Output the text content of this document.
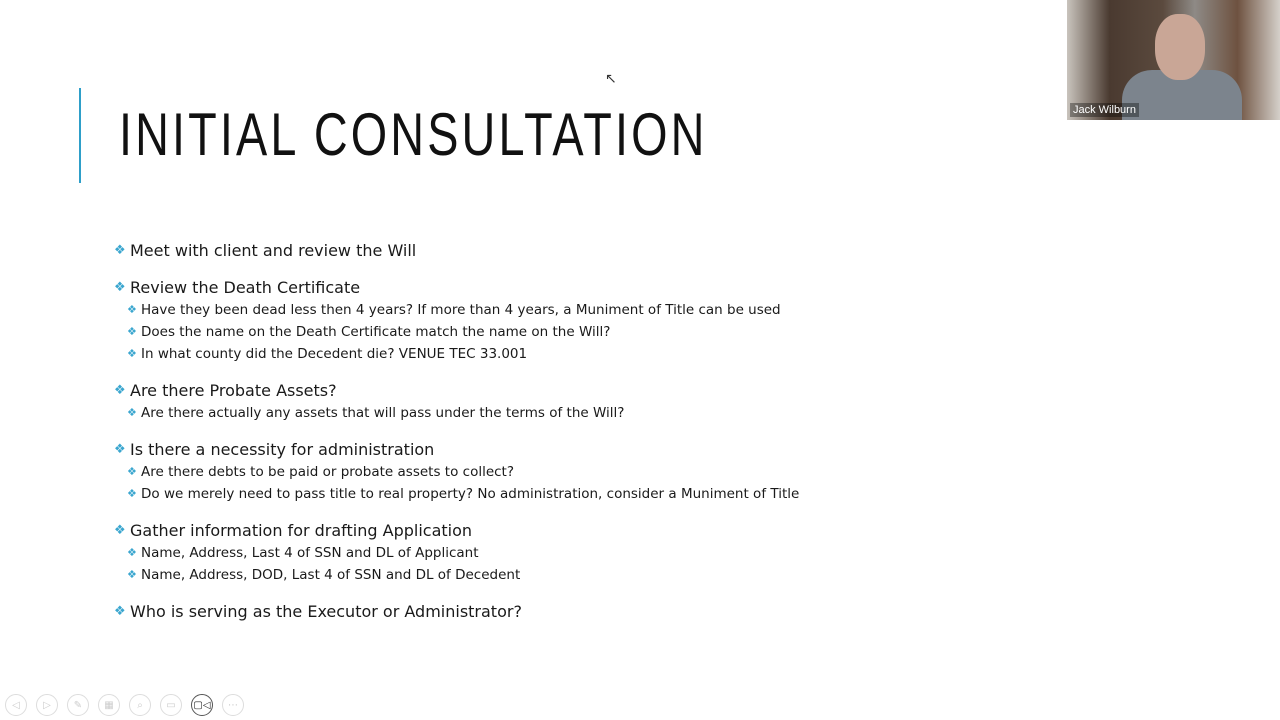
INITIAL CONSULTATION
❖ Meet with client and review the Will
❖ Review the Death Certificate
❖ Have they been dead less then 4 years? If more than 4 years, a Muniment of Title can be used
❖ Does the name on the Death Certificate match the name on the Will?
❖ In what county did the Decedent die? VENUE TEC 33.001
❖ Are there Probate Assets?
❖ Are there actually any assets that will pass under the terms of the Will?
❖ Is there a necessity for administration
❖ Are there debts to be paid or probate assets to collect?
❖ Do we merely need to pass title to real property? No administration, consider a Muniment of Title
❖ Gather information for drafting Application
❖ Name, Address, Last 4 of SSN and DL of Applicant
❖ Name, Address, DOD, Last 4 of SSN and DL of Decedent
❖ Who is serving as the Executor or Administrator?
Jack Wilburn
↖
◁	▷	✎	▦	⌕	▭	▢◁	⋯
